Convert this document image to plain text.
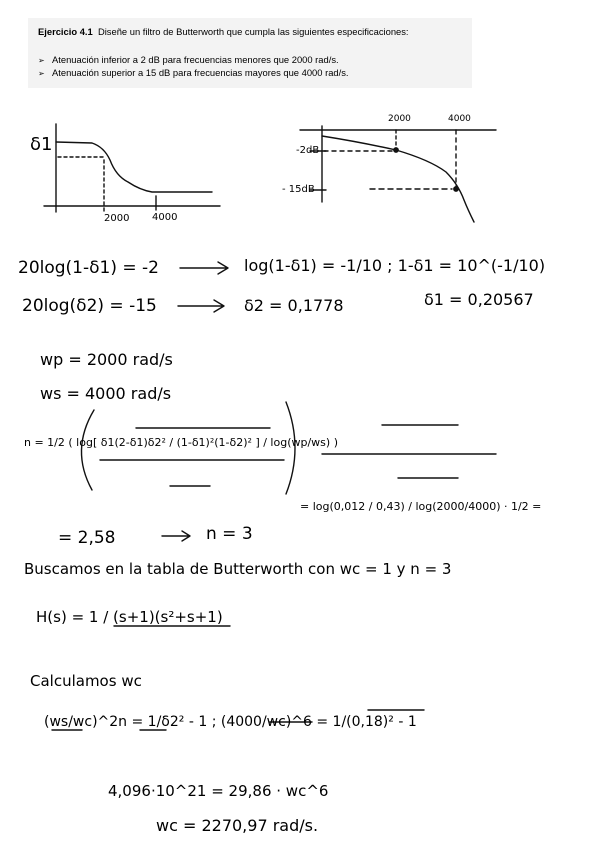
Ejercicio 4.1 Diseñe un filtro de Butterworth que cumpla las siguientes especificaciones:
➢ Atenuación inferior a 2 dB para frecuencias menores que 2000 rad/s.
➢ Atenuación superior a 15 dB para frecuencias mayores que 4000 rad/s.
δ1
2000 4000
2000	4000
-2dB
- 15dB
20log(1-δ1) = -2	log(1-δ1) = -1/10 ; 1-δ1 = 10^(-1/10)
20log(δ2) = -15	δ2 = 0,1778	δ1 = 0,20567
wp = 2000 rad/s
ws = 4000 rad/s
n = 1/2 ( log[ δ1(2-δ1)δ2² / (1-δ1)²(1-δ2)² ] / log(wp/ws) )
= log(0,012 / 0,43) / log(2000/4000) · 1/2 =
= 2,58	n = 3
Buscamos en la tabla de Butterworth con wc = 1 y n = 3
H(s) = 1 / (s+1)(s²+s+1)
Calculamos wc
(ws/wc)^2n = 1/δ2² - 1 ; (4000/wc)^6 = 1/(0,18)² - 1
4,096·10^21 = 29,86 · wc^6
wc = 2270,97 rad/s.
